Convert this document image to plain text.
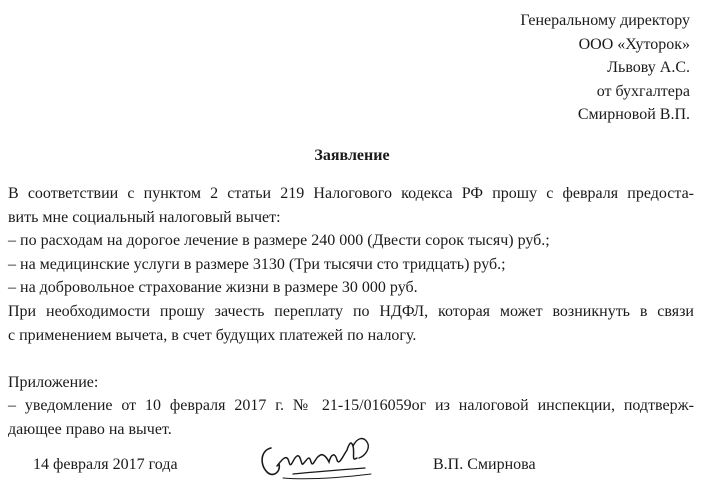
Генеральному директору
ООО «Хуторок»
Львову А.С.
от бухгалтера
Смирновой В.П.
Заявление
В соответствии с пунктом 2 статьи 219 Налогового кодекса РФ прошу с февраля предоста-
вить мне социальный налоговый вычет:
– по расходам на дорогое лечение в размере 240 000 (Двести сорок тысяч) руб.;
– на медицинские услуги в размере 3130 (Три тысячи сто тридцать) руб.;
– на добровольное страхование жизни в размере 30 000 руб.
При необходимости прошу зачесть переплату по НДФЛ, которая может возникнуть в связи
с применением вычета, в счет будущих платежей по налогу.
Приложение:
– уведомление от 10 февраля 2017 г. № 21-15/016059ог из налоговой инспекции, подтверж-
дающее право на вычет.
14 февраля 2017 года	В.П. Смирнова
